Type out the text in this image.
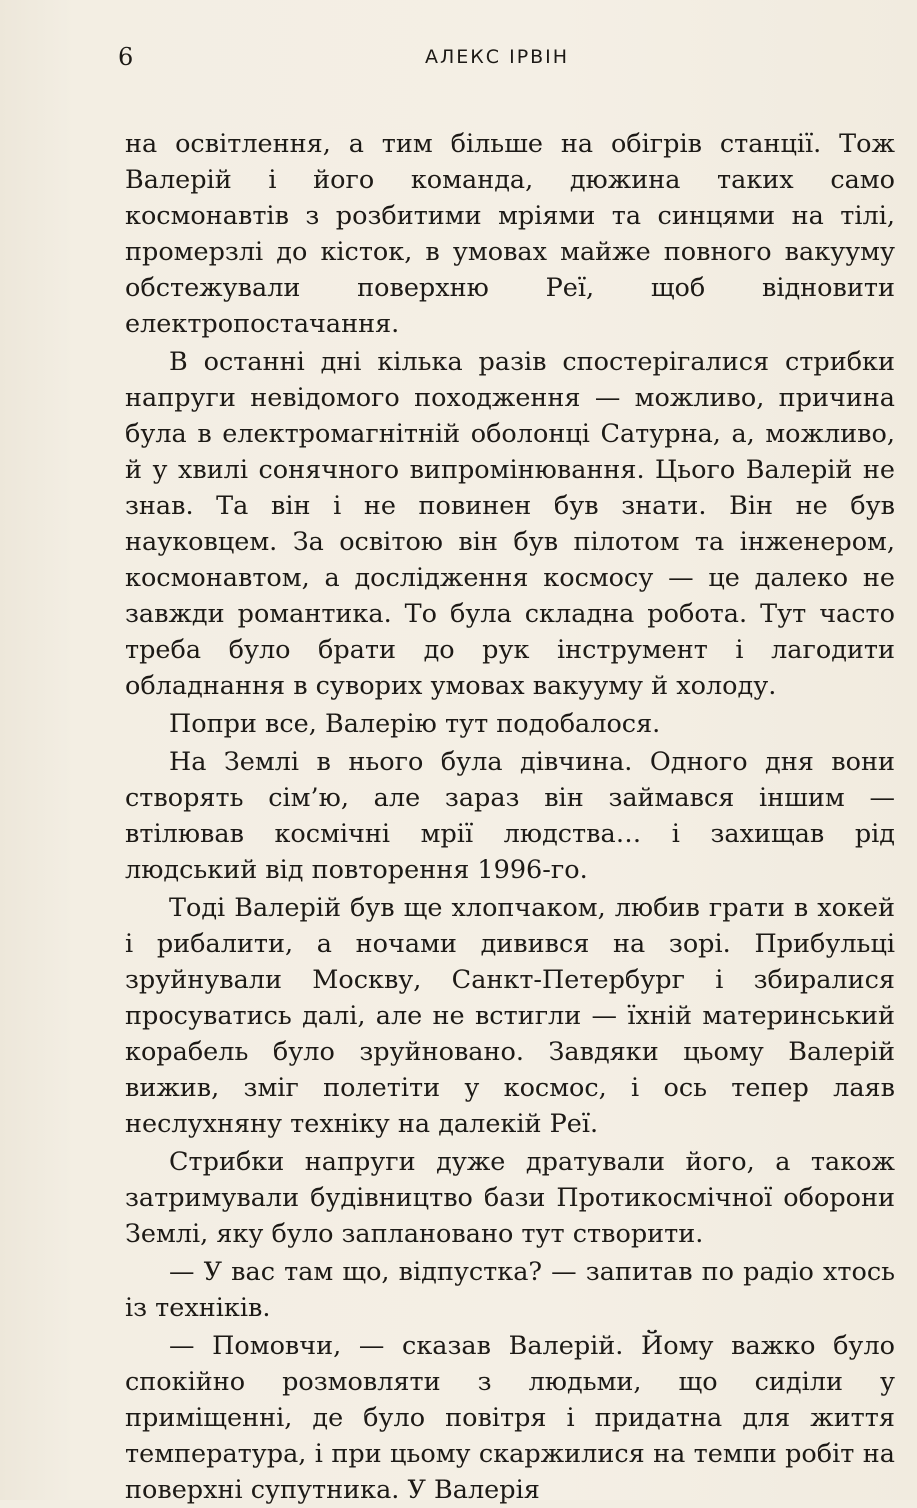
6	АЛЕКС ІРВІН

на освітлення, а тим більше на обігрів станції. Тож Валерій і його команда, дюжина таких само космонавтів з розбитими мріями та синцями на тілі, промерзлі до кісток, в умовах майже повного вакууму обстежували поверхню Реї, щоб відновити електропостачання.

В останні дні кілька разів спостерігалися стрибки напруги невідомого походження — можливо, причина була в електромагнітній оболонці Сатурна, а, можливо, й у хвилі сонячного випромінювання. Цього Валерій не знав. Та він і не повинен був знати. Він не був науковцем. За освітою він був пілотом та інженером, космонавтом, а дослідження космосу — це далеко не завжди романтика. То була складна робота. Тут часто треба було брати до рук інструмент і лагодити обладнання в суворих умовах вакууму й холоду.

Попри все, Валерію тут подобалося.

На Землі в нього була дівчина. Одного дня вони створять сім’ю, але зараз він займався іншим — втілював космічні мрії людства… і захищав рід людський від повторення 1996-го.

Тоді Валерій був ще хлопчаком, любив грати в хокей і рибалити, а ночами дивився на зорі. Прибульці зруйнували Москву, Санкт-Петербург і збиралися просуватись далі, але не встигли — їхній материнський корабель було зруйновано. Завдяки цьому Валерій вижив, зміг полетіти у космос, і ось тепер лаяв неслухняну техніку на далекій Реї.

Стрибки напруги дуже дратували його, а також затримували будівництво бази Протикосмічної оборони Землі, яку було заплановано тут створити.

— У вас там що, відпустка? — запитав по радіо хтось із техніків.

— Помовчи, — сказав Валерій. Йому важко було спокійно розмовляти з людьми, що сиділи у приміщенні, де було повітря і придатна для життя температура, і при цьому скаржилися на темпи робіт на поверхні супутника. У Валерія
